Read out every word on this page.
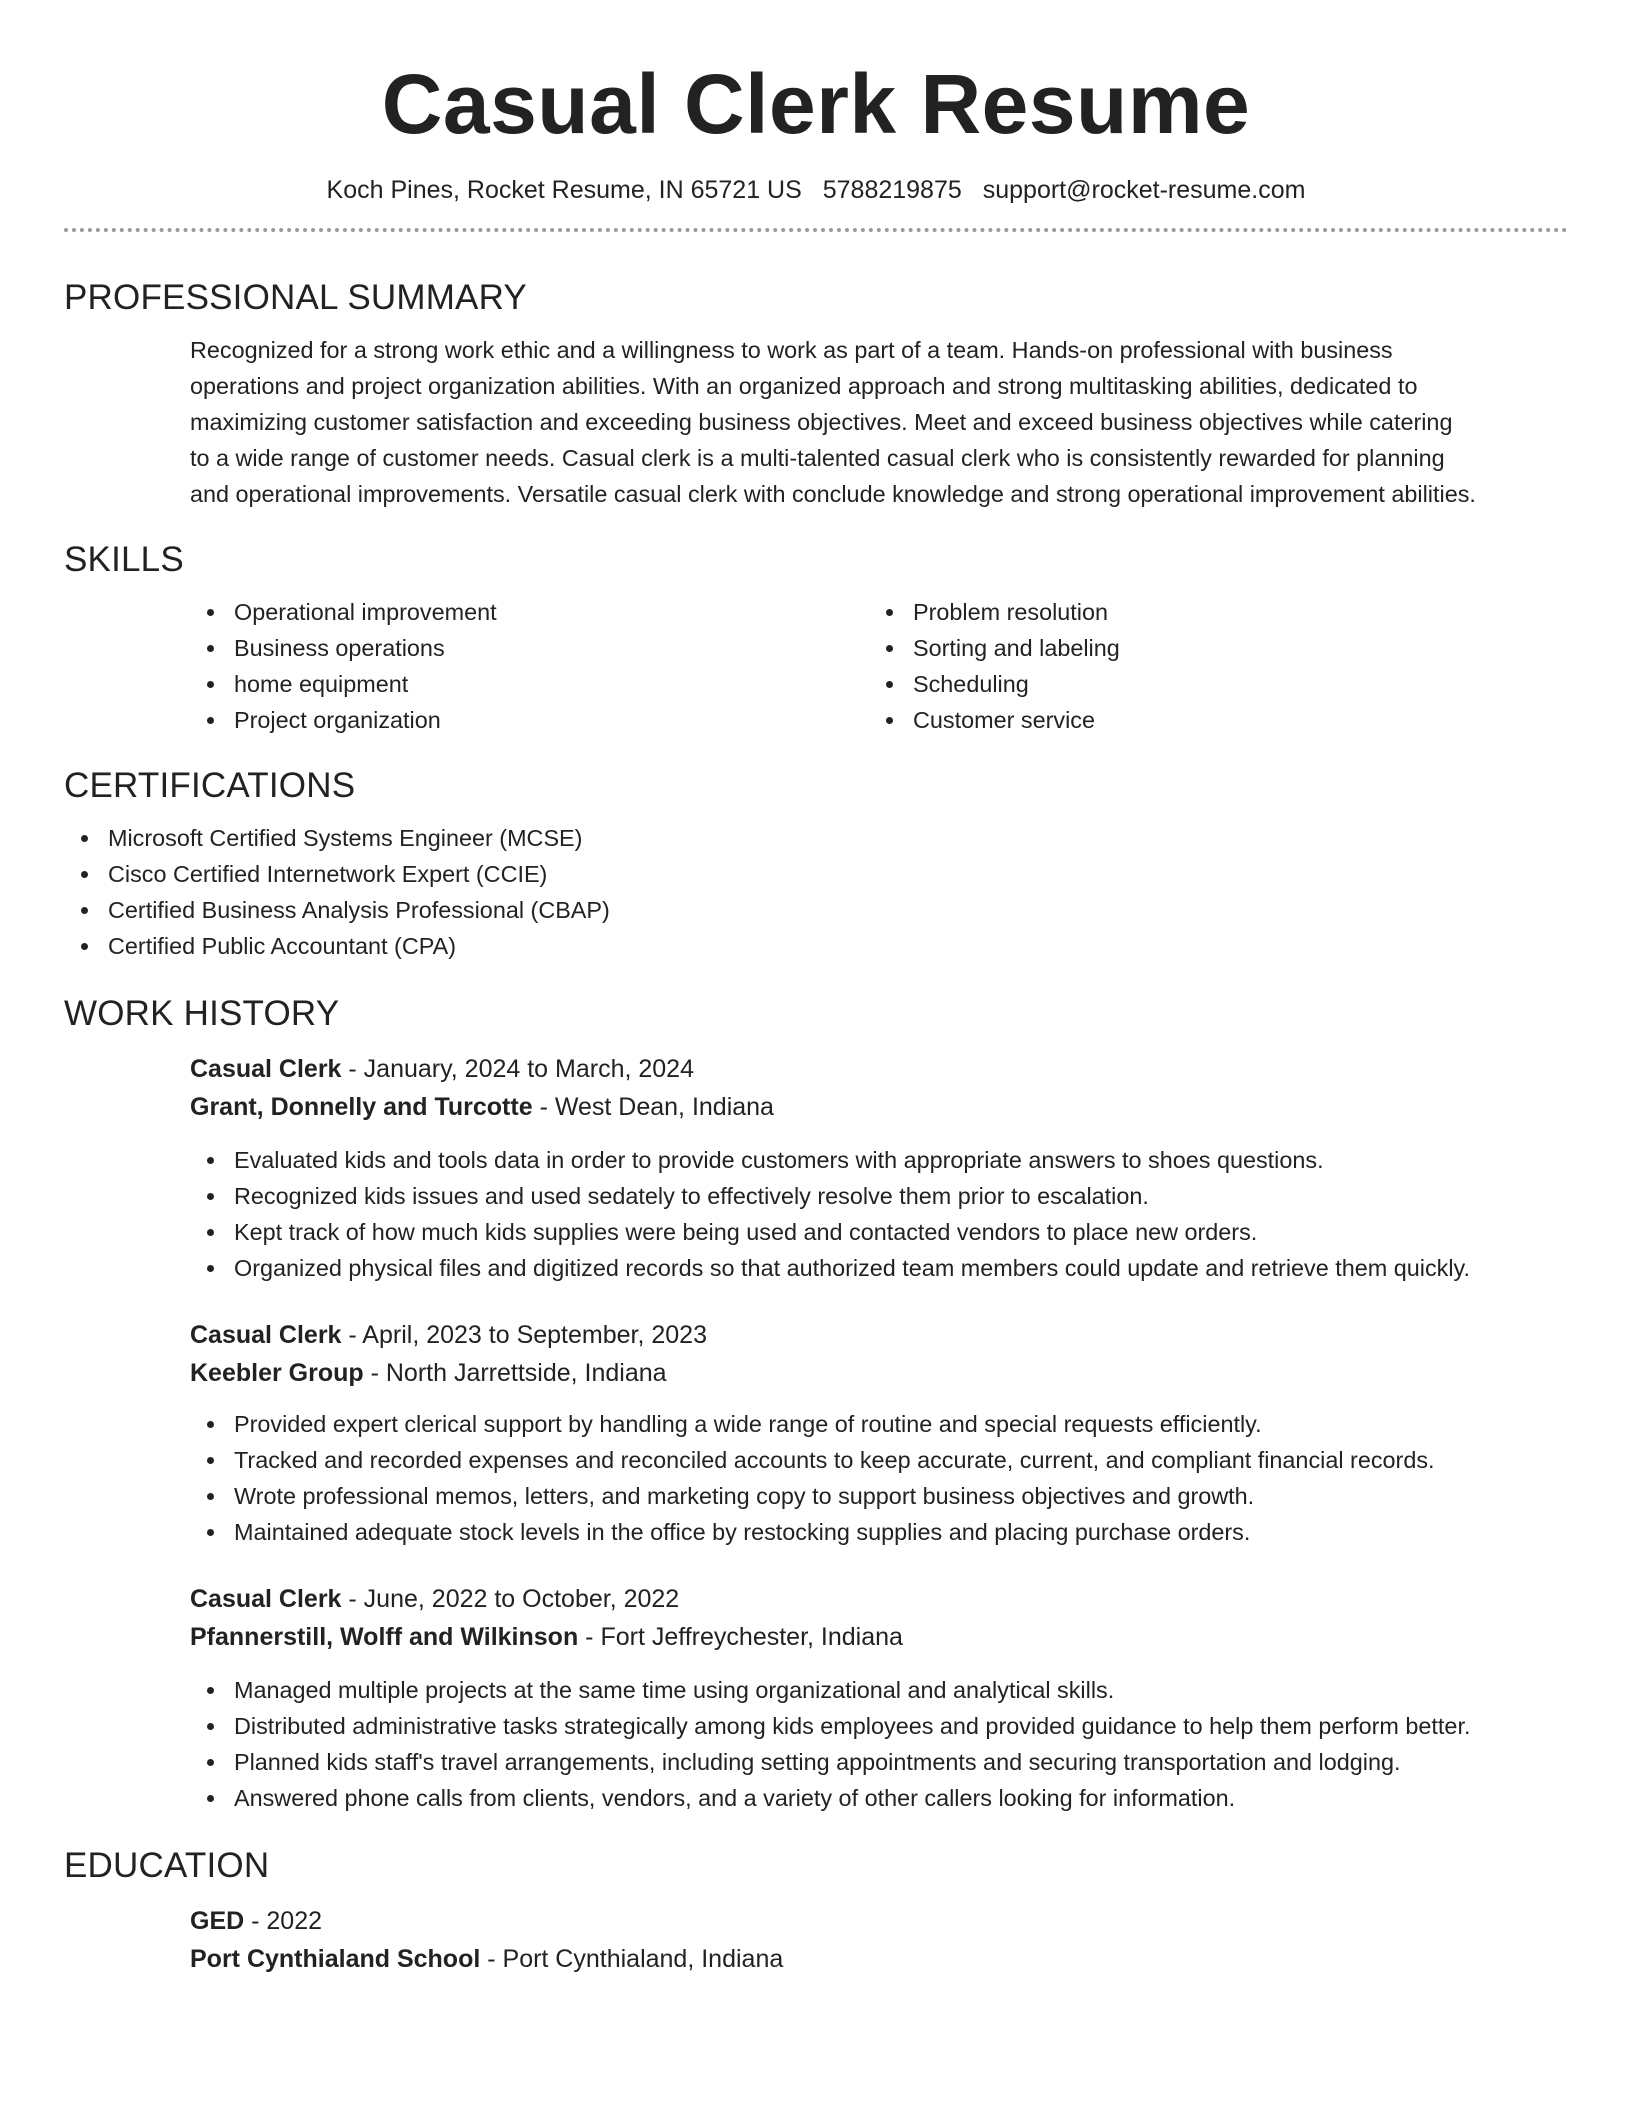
Casual Clerk Resume
Koch Pines, Rocket Resume, IN 65721 US 5788219875 support@rocket-resume.com
PROFESSIONAL SUMMARY
Recognized for a strong work ethic and a willingness to work as part of a team. Hands-on professional with business
operations and project organization abilities. With an organized approach and strong multitasking abilities, dedicated to
maximizing customer satisfaction and exceeding business objectives. Meet and exceed business objectives while catering
to a wide range of customer needs. Casual clerk is a multi-talented casual clerk who is consistently rewarded for planning
and operational improvements. Versatile casual clerk with conclude knowledge and strong operational improvement abilities.
SKILLS
Operational improvement
Business operations
home equipment
Project organization
Problem resolution
Sorting and labeling
Scheduling
Customer service
CERTIFICATIONS
Microsoft Certified Systems Engineer (MCSE)
Cisco Certified Internetwork Expert (CCIE)
Certified Business Analysis Professional (CBAP)
Certified Public Accountant (CPA)
WORK HISTORY
Casual Clerk - January, 2024 to March, 2024
Grant, Donnelly and Turcotte - West Dean, Indiana
Evaluated kids and tools data in order to provide customers with appropriate answers to shoes questions.
Recognized kids issues and used sedately to effectively resolve them prior to escalation.
Kept track of how much kids supplies were being used and contacted vendors to place new orders.
Organized physical files and digitized records so that authorized team members could update and retrieve them quickly.
Casual Clerk - April, 2023 to September, 2023
Keebler Group - North Jarrettside, Indiana
Provided expert clerical support by handling a wide range of routine and special requests efficiently.
Tracked and recorded expenses and reconciled accounts to keep accurate, current, and compliant financial records.
Wrote professional memos, letters, and marketing copy to support business objectives and growth.
Maintained adequate stock levels in the office by restocking supplies and placing purchase orders.
Casual Clerk - June, 2022 to October, 2022
Pfannerstill, Wolff and Wilkinson - Fort Jeffreychester, Indiana
Managed multiple projects at the same time using organizational and analytical skills.
Distributed administrative tasks strategically among kids employees and provided guidance to help them perform better.
Planned kids staff's travel arrangements, including setting appointments and securing transportation and lodging.
Answered phone calls from clients, vendors, and a variety of other callers looking for information.
EDUCATION
GED - 2022
Port Cynthialand School - Port Cynthialand, Indiana
